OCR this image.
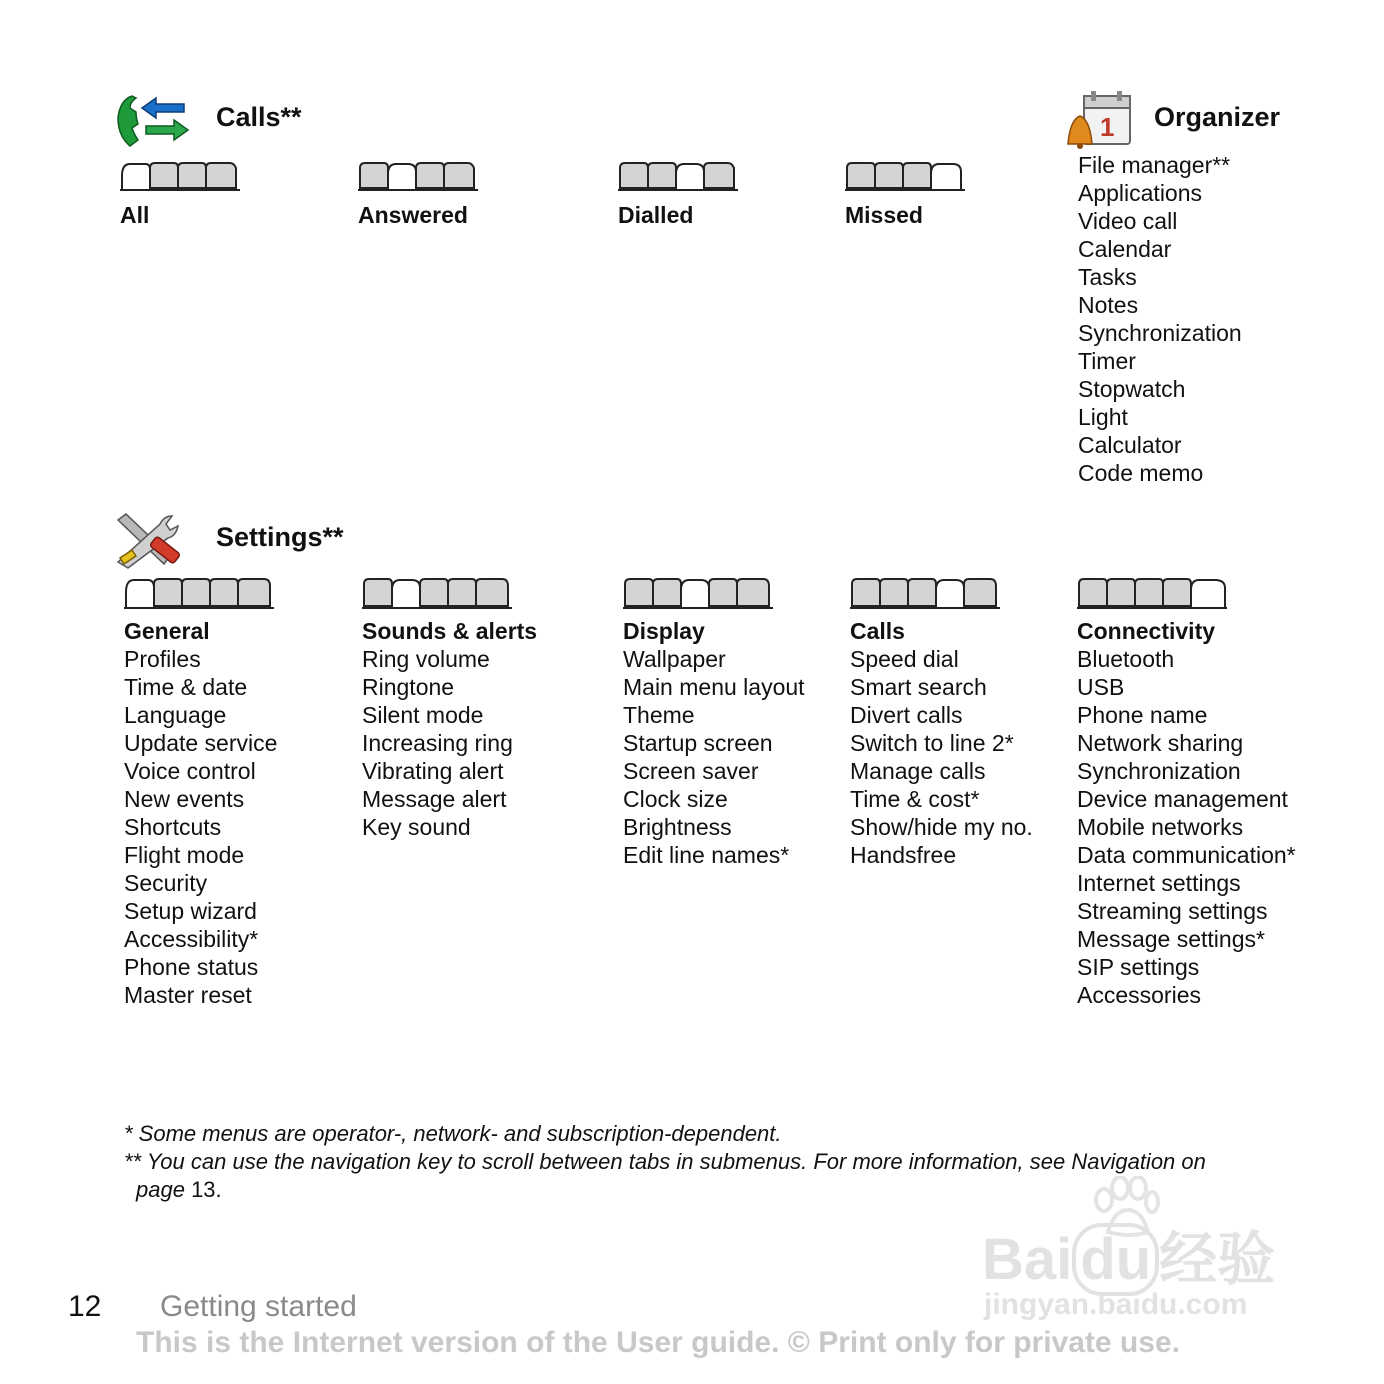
Calls**
All	Answered	Dialled	Missed
1 Organizer
File manager**
Applications
Video call
Calendar
Tasks
Notes
Synchronization
Timer
Stopwatch
Light
Calculator
Code memo
Settings**
General
Profiles
Time & date
Language
Update service
Voice control
New events
Shortcuts
Flight mode
Security
Setup wizard
Accessibility*
Phone status
Master reset
Sounds & alerts
Ring volume
Ringtone
Silent mode
Increasing ring
Vibrating alert
Message alert
Key sound
Display
Wallpaper
Main menu layout
Theme
Startup screen
Screen saver
Clock size
Brightness
Edit line names*
Calls
Speed dial
Smart search
Divert calls
Switch to line 2*
Manage calls
Time & cost*
Show/hide my no.
Handsfree
Connectivity
Bluetooth
USB
Phone name
Network sharing
Synchronization
Device management
Mobile networks
Data communication*
Internet settings
Streaming settings
Message settings*
SIP settings
Accessories
* Some menus are operator-, network- and subscription-dependent.
** You can use the navigation key to scroll between tabs in submenus. For more information, see Navigation on
page 13.
Bai du 经验
jingyan.baidu.com
12 Getting started
This is the Internet version of the User guide. © Print only for private use.
